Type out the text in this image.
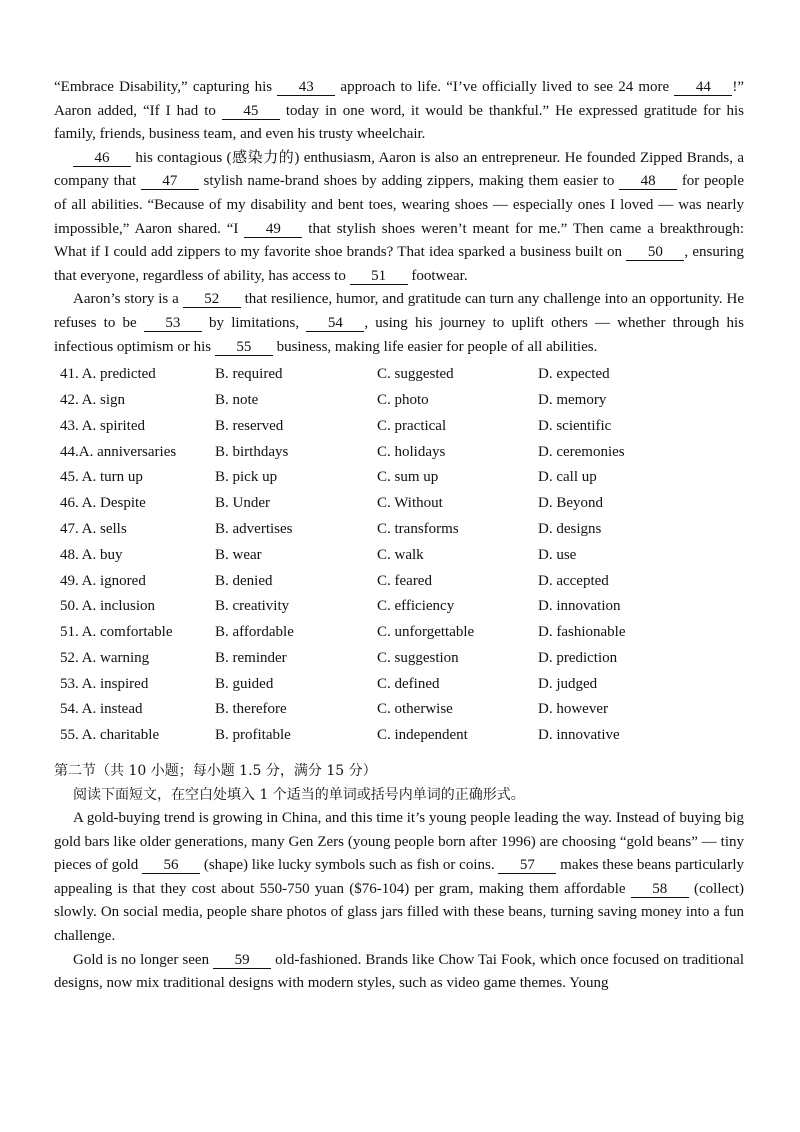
“Embrace Disability,” capturing his 43 approach to life. “I’ve officially lived to see 24 more 44 !” Aaron added, “If I had to 45 today in one word, it would be thankful.” He expressed gratitude for his family, friends, business team, and even his trusty wheelchair.

46 his contagious (感染力的) enthusiasm, Aaron is also an entrepreneur. He founded Zipped Brands, a company that 47 stylish name-brand shoes by adding zippers, making them easier to 48 for people of all abilities. “Because of my disability and bent toes, wearing shoes — especially ones I loved — was nearly impossible,” Aaron shared. “I 49 that stylish shoes weren’t meant for me.” Then came a breakthrough: What if I could add zippers to my favorite shoe brands? That idea sparked a business built on 50 , ensuring that everyone, regardless of ability, has access to 51 footwear.

Aaron’s story is a 52 that resilience, humor, and gratitude can turn any challenge into an opportunity. He refuses to be 53 by limitations, 54 , using his journey to uplift others — whether through his infectious optimism or his 55 business, making life easier for people of all abilities.

41. A. predicted	B. required	C. suggested	D. expected
42. A. sign	B. note	C. photo	D. memory
43. A. spirited	B. reserved	C. practical	D. scientific
44.A. anniversaries	B. birthdays	C. holidays	D. ceremonies
45. A. turn up	B. pick up	C. sum up	D. call up
46. A. Despite	B. Under	C. Without	D. Beyond
47. A. sells	B. advertises	C. transforms	D. designs
48. A. buy	B. wear	C. walk	D. use
49. A. ignored	B. denied	C. feared	D. accepted
50. A. inclusion	B. creativity	C. efficiency	D. innovation
51. A. comfortable	B. affordable	C. unforgettable	D. fashionable
52. A. warning	B. reminder	C. suggestion	D. prediction
53. A. inspired	B. guided	C. defined	D. judged
54. A. instead	B. therefore	C. otherwise	D. however
55. A. charitable	B. profitable	C. independent	D. innovative
第二节（共 10 小题；每小题 1.5 分，满分 15 分）
阅读下面短文，在空白处填入 1 个适当的单词或括号内单词的正确形式。

A gold-buying trend is growing in China, and this time it’s young people leading the way. Instead of buying big gold bars like older generations, many Gen Zers (young people born after 1996) are choosing “gold beans” — tiny pieces of gold 56 (shape) like lucky symbols such as fish or coins. 57 makes these beans particularly appealing is that they cost about 550-750 yuan ($76-104) per gram, making them affordable 58 (collect) slowly. On social media, people share photos of glass jars filled with these beans, turning saving money into a fun challenge.

Gold is no longer seen 59 old-fashioned. Brands like Chow Tai Fook, which once focused on traditional designs, now mix traditional designs with modern styles, such as video game themes. Young
